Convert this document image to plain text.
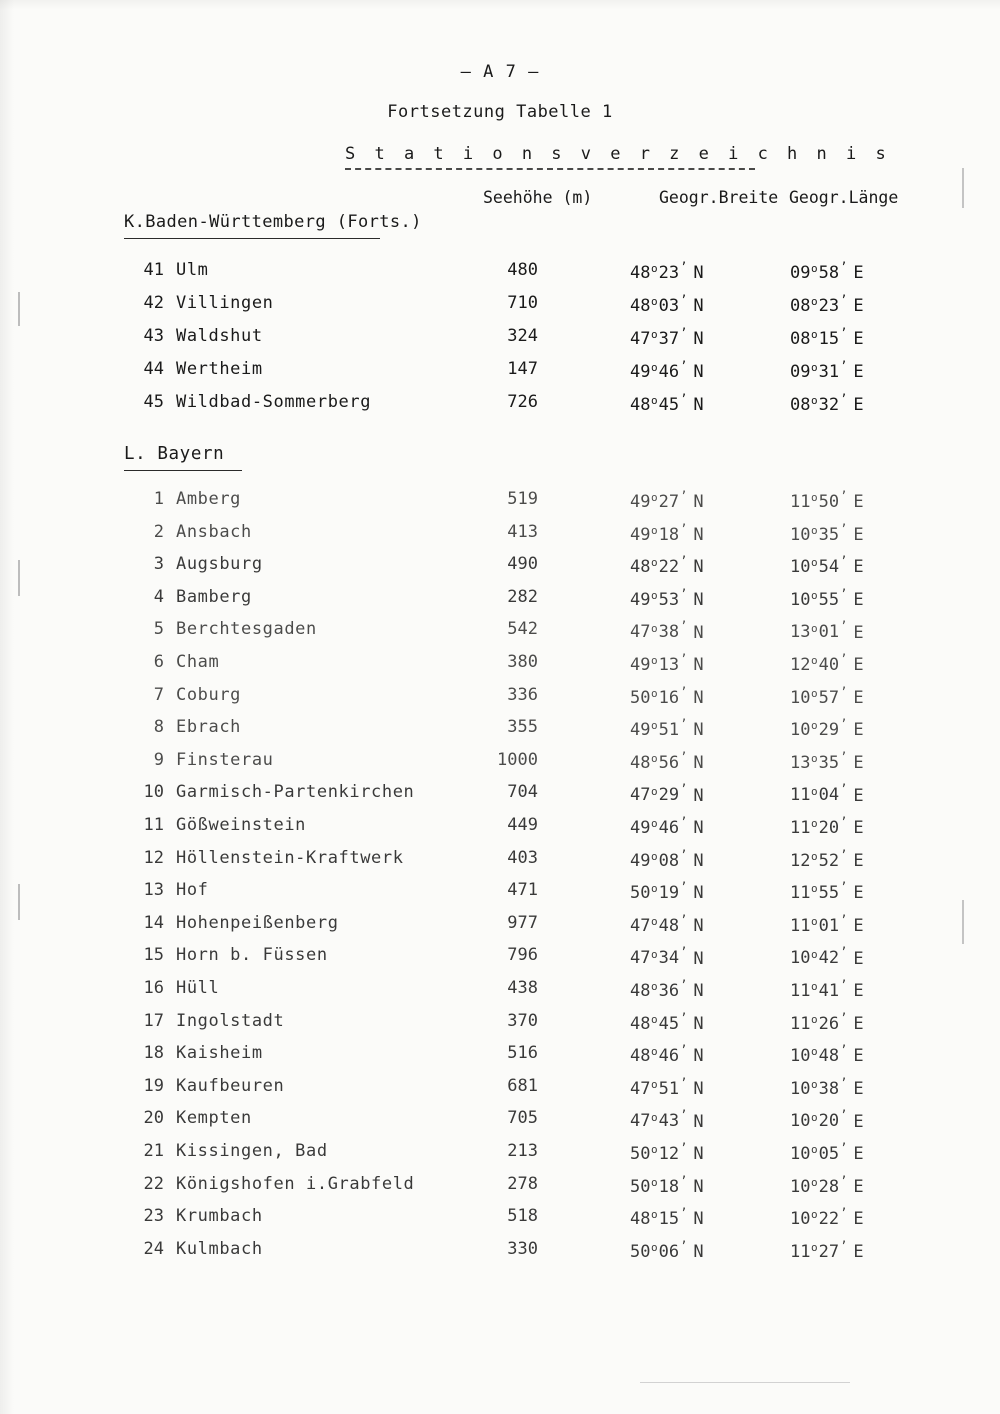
– A 7 –
Fortsetzung Tabelle 1
S t a t i o n s v e r z e i c h n i s
Seehöhe (m)	Geogr.Breite Geogr.Länge
K.Baden-Württemberg (Forts.)
L. Bayern
41 Ulm	480	48$^o$23’ N	09$^o$58’ E
42 Villingen	710	48$^o$03’ N	08$^o$23’ E
43 Waldshut	324	47$^o$37’ N	08$^o$15’ E
44 Wertheim	147	49$^o$46’ N	09$^o$31’ E
45 Wildbad-Sommerberg	726	48$^o$45’ N	08$^o$32’ E
1 Amberg	519	49$^o$27’ N	11$^o$50’ E
2 Ansbach	413	49$^o$18’ N	10$^o$35’ E
3 Augsburg	490	48$^o$22’ N	10$^o$54’ E
4 Bamberg	282	49$^o$53’ N	10$^o$55’ E
5 Berchtesgaden	542	47$^o$38’ N	13$^o$01’ E
6 Cham	380	49$^o$13’ N	12$^o$40’ E
7 Coburg	336	50$^o$16’ N	10$^o$57’ E
8 Ebrach	355	49$^o$51’ N	10$^o$29’ E
9 Finsterau	1000	48$^o$56’ N	13$^o$35’ E
10 Garmisch-Partenkirchen	704	47$^o$29’ N	11$^o$04’ E
11 Gößweinstein	449	49$^o$46’ N	11$^o$20’ E
12 Höllenstein-Kraftwerk	403	49$^o$08’ N	12$^o$52’ E
13 Hof	471	50$^o$19’ N	11$^o$55’ E
14 Hohenpeißenberg	977	47$^o$48’ N	11$^o$01’ E
15 Horn b. Füssen	796	47$^o$34’ N	10$^o$42’ E
16 Hüll	438	48$^o$36’ N	11$^o$41’ E
17 Ingolstadt	370	48$^o$45’ N	11$^o$26’ E
18 Kaisheim	516	48$^o$46’ N	10$^o$48’ E
19 Kaufbeuren	681	47$^o$51’ N	10$^o$38’ E
20 Kempten	705	47$^o$43’ N	10$^o$20’ E
21 Kissingen, Bad	213	50$^o$12’ N	10$^o$05’ E
22 Königshofen i.Grabfeld	278	50$^o$18’ N	10$^o$28’ E
23 Krumbach	518	48$^o$15’ N	10$^o$22’ E
24 Kulmbach	330	50$^o$06’ N	11$^o$27’ E
